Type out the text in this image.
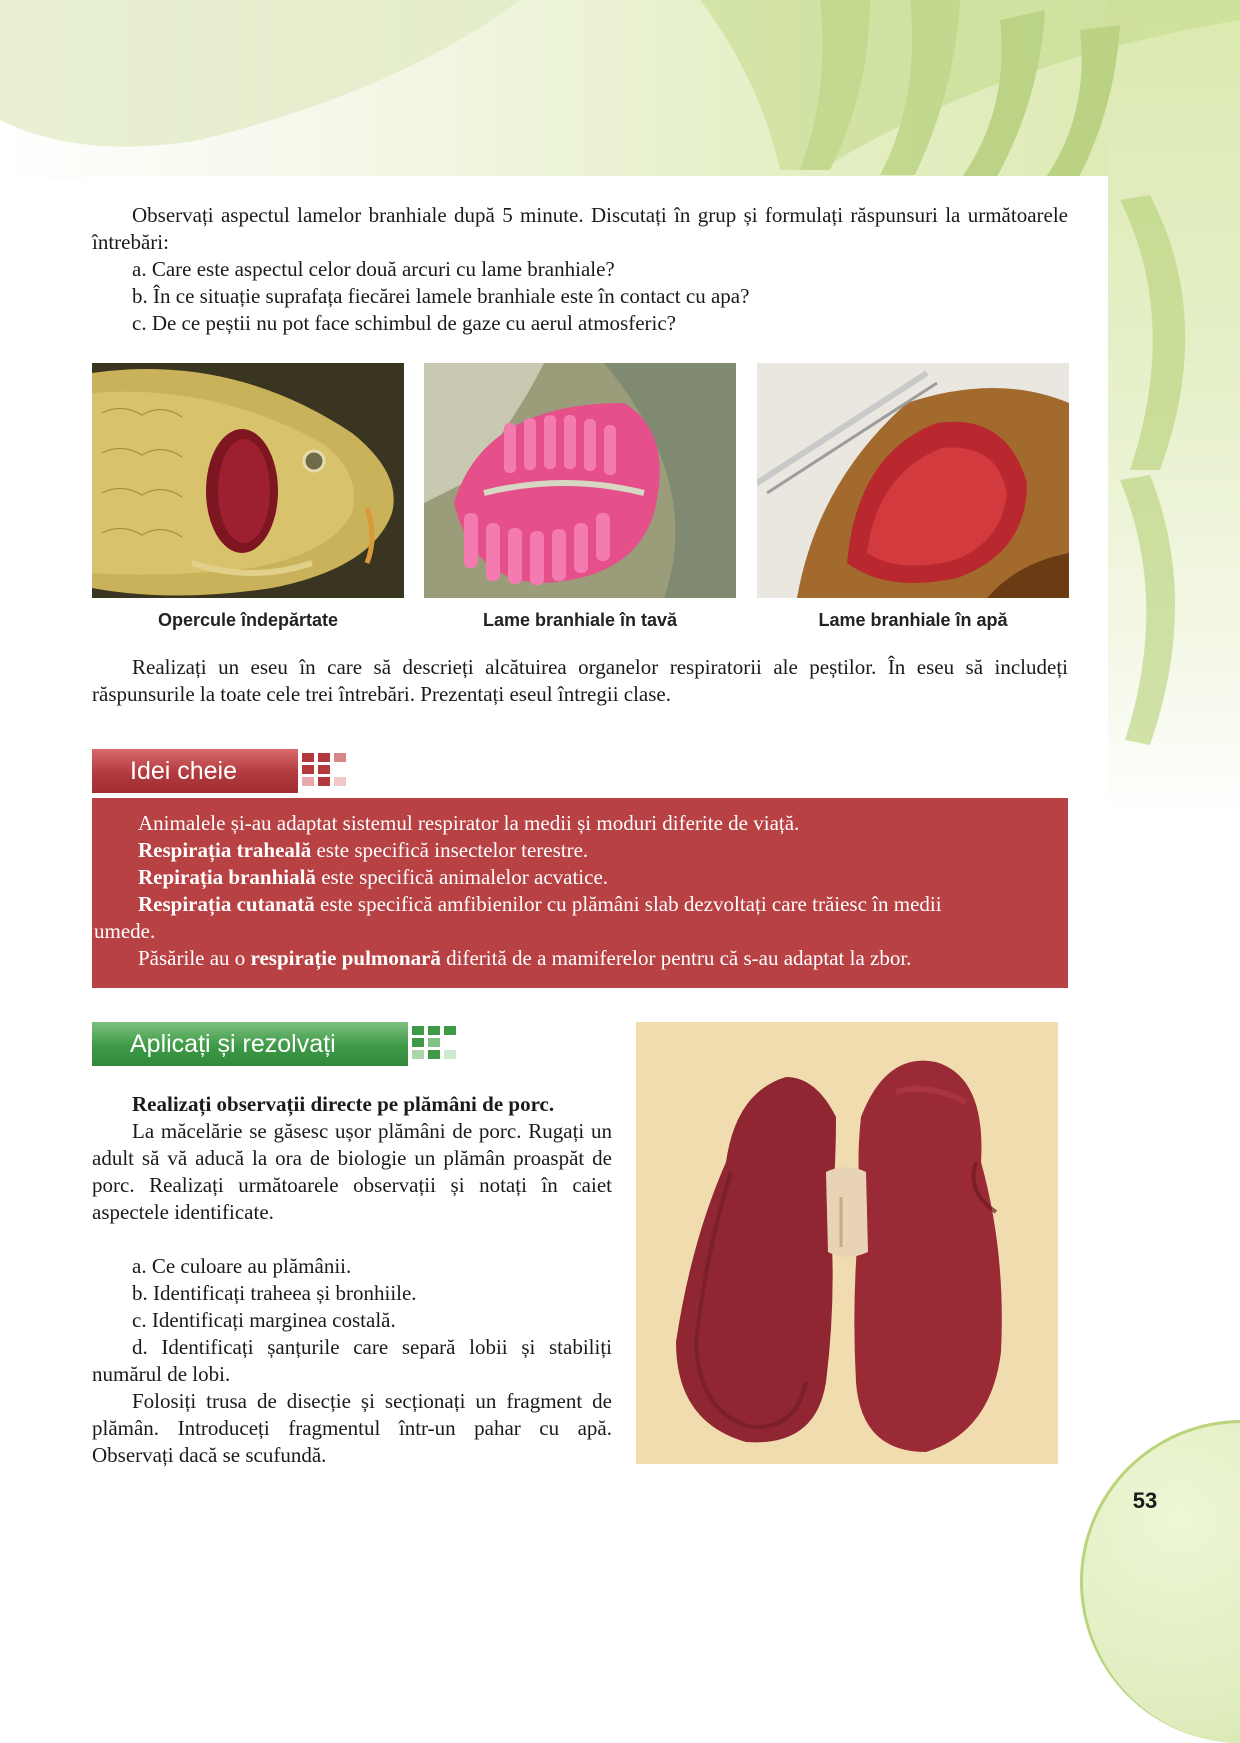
Observați aspectul lamelor branhiale după 5 minute. Discutați în grup și formulați răspunsuri la următoarele întrebări:
a. Care este aspectul celor două arcuri cu lame branhiale?
b. În ce situație suprafața fiecărei lamele branhiale este în contact cu apa?
c. De ce peștii nu pot face schimbul de gaze cu aerul atmosferic?
Opercule îndepărtate	Lame branhiale în tavă	Lame branhiale în apă
Realizați un eseu în care să descrieți alcătuirea organelor respiratorii ale peștilor. În eseu să includeți răspunsurile la toate cele trei întrebări. Prezentați eseul întregii clase.
Idei cheie
Animalele și-au adaptat sistemul respirator la medii și moduri diferite de viață.
Respirația traheală este specifică insectelor terestre.
Repirația branhială este specifică animalelor acvatice.
Respirația cutanată este specifică amfibienilor cu plămâni slab dezvoltați care trăiesc în medii
umede.
Păsările au o respirație pulmonară diferită de a mamiferelor pentru că s-au adaptat la zbor.
Aplicați și rezolvați
Realizați observații directe pe plămâni de porc.
La măcelărie se găsesc ușor plămâni de porc. Rugați un adult să vă aducă la ora de biologie un plămân proaspăt de porc. Realizați următoarele observații și notați în caiet aspectele identificate.
a. Ce culoare au plămânii.
b. Identificați traheea și bronhiile.
c. Identificați marginea costală.
d. Identificați șanțurile care separă lobii și stabiliți numărul de lobi.
Folosiți trusa de disecție și secționați un fragment de plămân. Introduceți fragmentul într-un pahar cu apă. Observați dacă se scufundă.
53
